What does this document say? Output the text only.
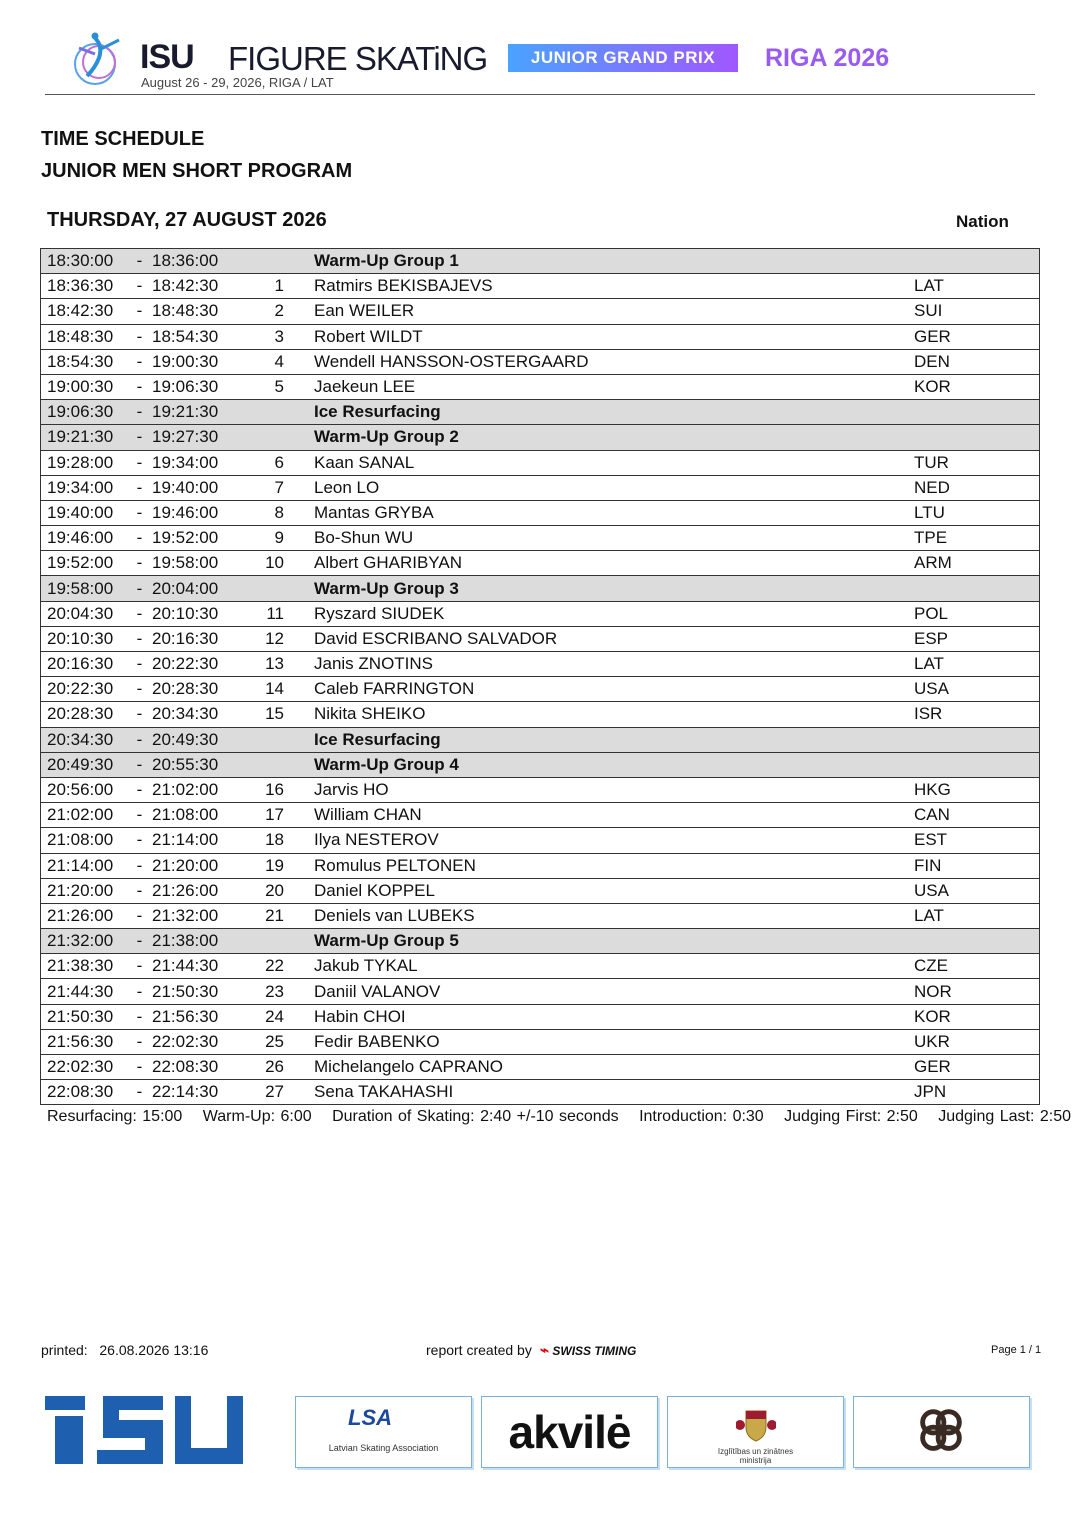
ISU FIGURE SKATiNG
August 26 - 29, 2026, RIGA / LAT
JUNIOR GRAND PRIX	RIGA 2026
TIME SCHEDULE
JUNIOR MEN SHORT PROGRAM
THURSDAY, 27 AUGUST 2026	Nation
18:30:00	-	18:36:00		Warm-Up Group 1	
18:36:30	-	18:42:30	1	Ratmirs BEKISBAJEVS	LAT
18:42:30	-	18:48:30	2	Ean WEILER	SUI
18:48:30	-	18:54:30	3	Robert WILDT	GER
18:54:30	-	19:00:30	4	Wendell HANSSON-OSTERGAARD	DEN
19:00:30	-	19:06:30	5	Jaekeun LEE	KOR
19:06:30	-	19:21:30		Ice Resurfacing	
19:21:30	-	19:27:30		Warm-Up Group 2	
19:28:00	-	19:34:00	6	Kaan SANAL	TUR
19:34:00	-	19:40:00	7	Leon LO	NED
19:40:00	-	19:46:00	8	Mantas GRYBA	LTU
19:46:00	-	19:52:00	9	Bo-Shun WU	TPE
19:52:00	-	19:58:00	10	Albert GHARIBYAN	ARM
19:58:00	-	20:04:00		Warm-Up Group 3	
20:04:30	-	20:10:30	11	Ryszard SIUDEK	POL
20:10:30	-	20:16:30	12	David ESCRIBANO SALVADOR	ESP
20:16:30	-	20:22:30	13	Janis ZNOTINS	LAT
20:22:30	-	20:28:30	14	Caleb FARRINGTON	USA
20:28:30	-	20:34:30	15	Nikita SHEIKO	ISR
20:34:30	-	20:49:30		Ice Resurfacing	
20:49:30	-	20:55:30		Warm-Up Group 4	
20:56:00	-	21:02:00	16	Jarvis HO	HKG
21:02:00	-	21:08:00	17	William CHAN	CAN
21:08:00	-	21:14:00	18	Ilya NESTEROV	EST
21:14:00	-	21:20:00	19	Romulus PELTONEN	FIN
21:20:00	-	21:26:00	20	Daniel KOPPEL	USA
21:26:00	-	21:32:00	21	Deniels van LUBEKS	LAT
21:32:00	-	21:38:00		Warm-Up Group 5	
21:38:30	-	21:44:30	22	Jakub TYKAL	CZE
21:44:30	-	21:50:30	23	Daniil VALANOV	NOR
21:50:30	-	21:56:30	24	Habin CHOI	KOR
21:56:30	-	22:02:30	25	Fedir BABENKO	UKR
22:02:30	-	22:08:30	26	Michelangelo CAPRANO	GER
22:08:30	-	22:14:30	27	Sena TAKAHASHI	JPN
Resurfacing: 15:00 Warm-Up: 6:00 Duration of Skating: 2:40 +/-10 seconds Introduction: 0:30 Judging First: 2:50 Judging Last: 2:50
printed:   26.08.2026 13:16	report created by ⌁ SWISS TIMING	Page 1 / 1
LSA
Latvian Skating Association	akvilė	Izglītības un zinātnes
ministrija
